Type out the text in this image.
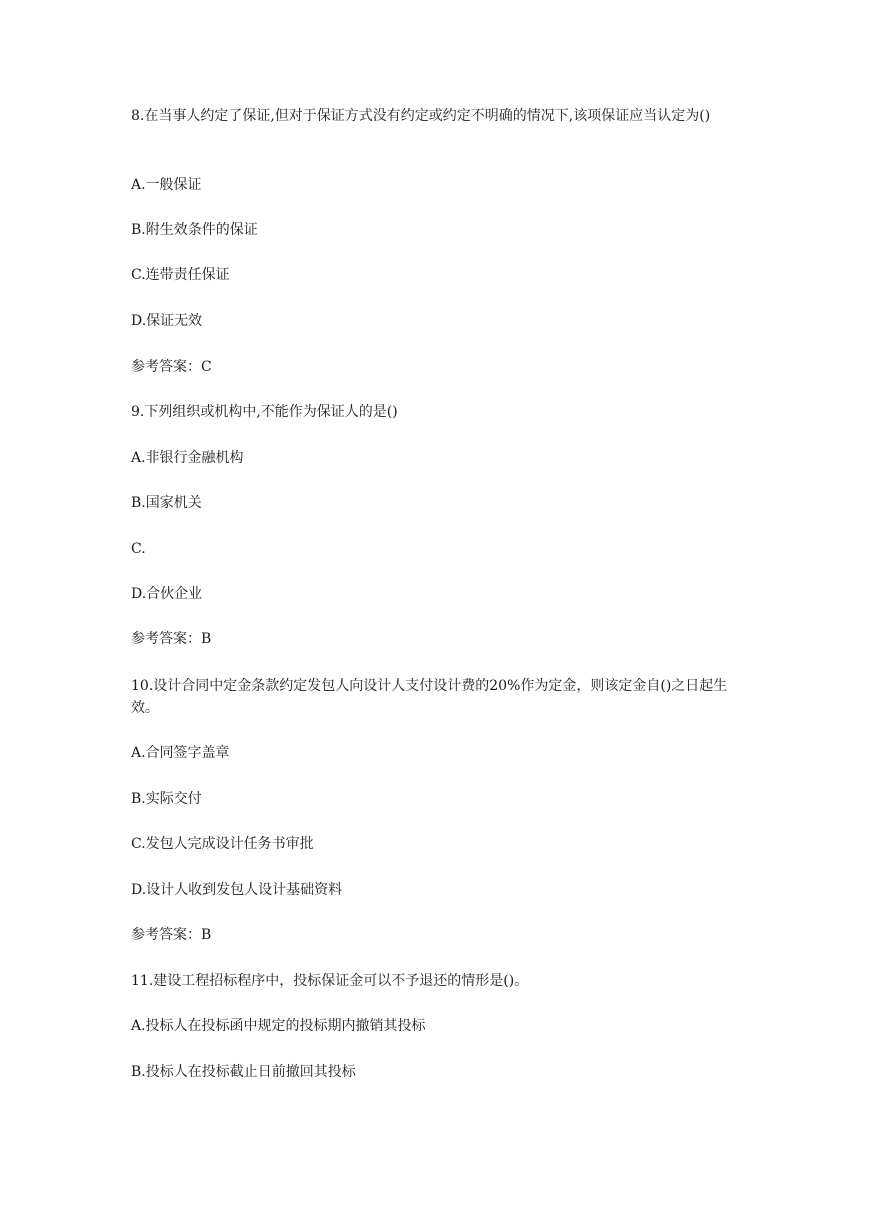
8.在当事人约定了保证,但对于保证方式没有约定或约定不明确的情况下,该项保证应当认定为()
A.一般保证
B.附生效条件的保证
C.连带责任保证
D.保证无效
参考答案：C
9.下列组织或机构中,不能作为保证人的是()
A.非银行金融机构
B.国家机关
C.
D.合伙企业
参考答案：B
10.设计合同中定金条款约定发包人向设计人支付设计费的20%作为定金，则该定金自()之日起生效。
A.合同签字盖章
B.实际交付
C.发包人完成设计任务书审批
D.设计人收到发包人设计基础资料
参考答案：B
11.建设工程招标程序中，投标保证金可以不予退还的情形是()。
A.投标人在投标函中规定的投标期内撤销其投标
B.投标人在投标截止日前撤回其投标
